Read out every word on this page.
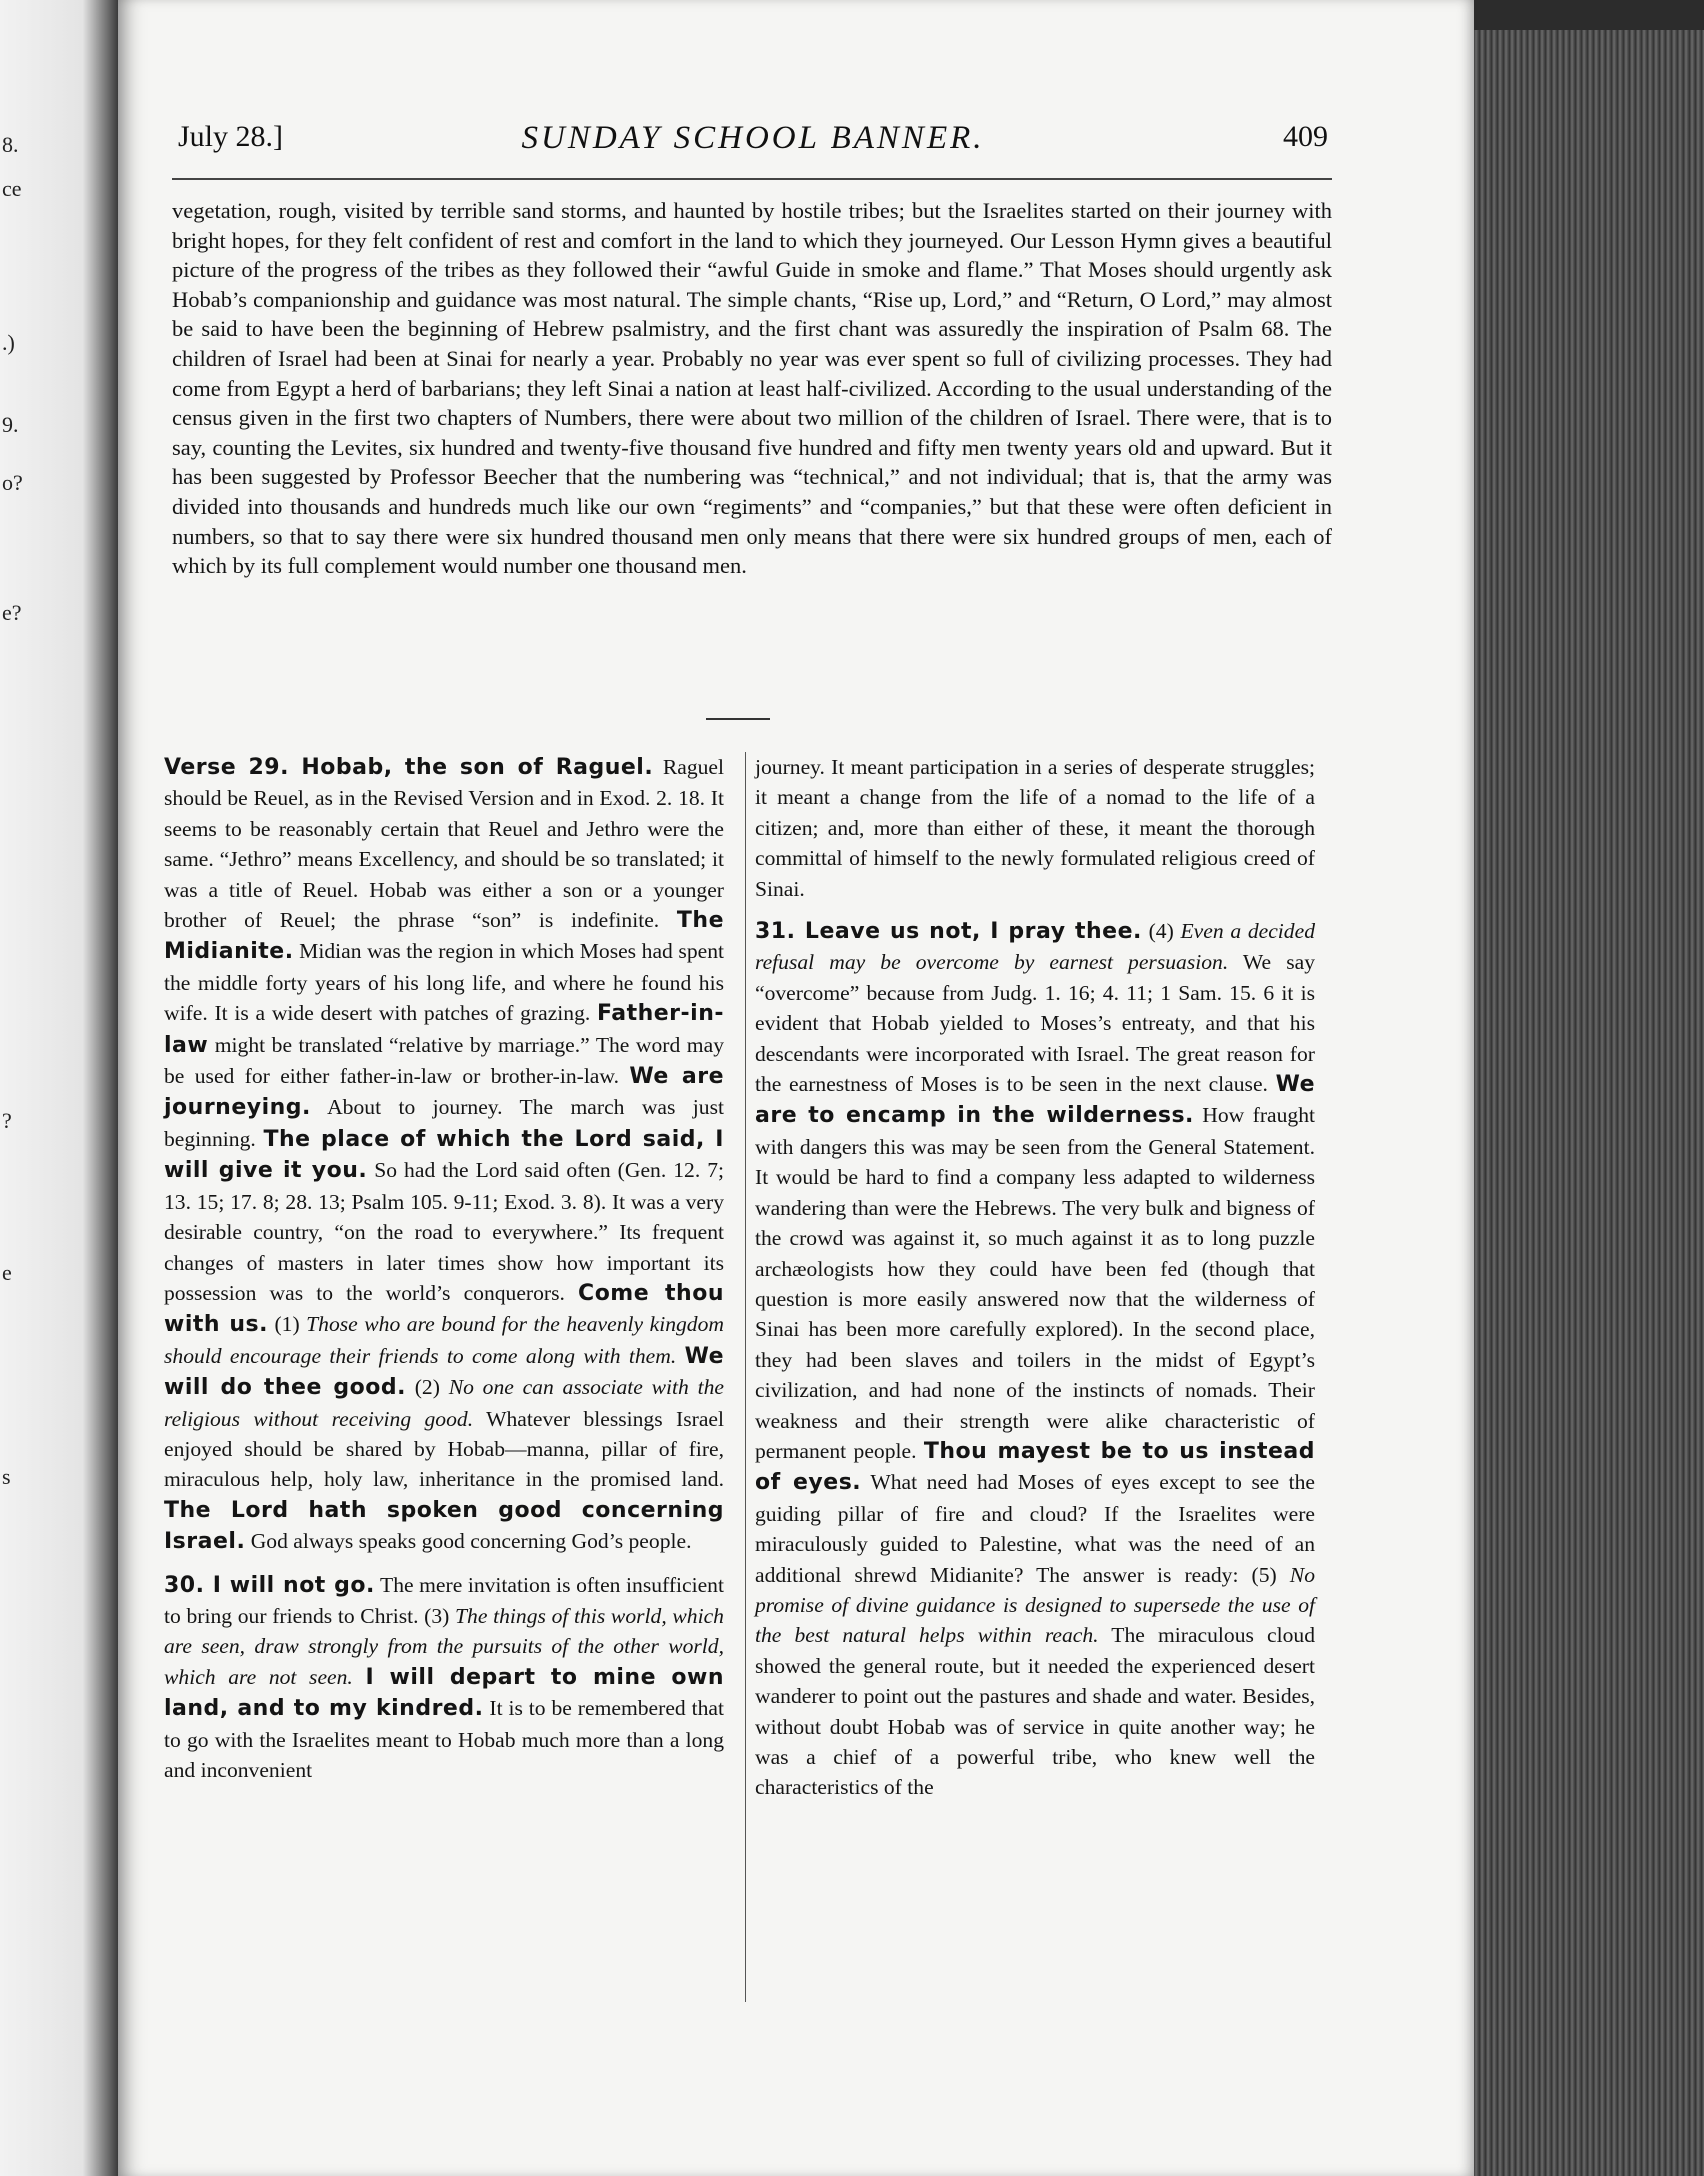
8.
ce
.)
9.
o?
e?
?
e
s
July 28.]	SUNDAY SCHOOL BANNER.	409
vegetation, rough, visited by terrible sand storms, and haunted by hostile tribes; but the Israelites started on their journey with bright hopes, for they felt confident of rest and comfort in the land to which they journeyed. Our Lesson Hymn gives a beautiful picture of the progress of the tribes as they followed their “awful Guide in smoke and flame.” That Moses should urgently ask Hobab’s companionship and guidance was most natural. The simple chants, “Rise up, Lord,” and “Return, O Lord,” may almost be said to have been the beginning of Hebrew psalmistry, and the first chant was assuredly the inspiration of Psalm 68. The children of Israel had been at Sinai for nearly a year. Probably no year was ever spent so full of civilizing processes. They had come from Egypt a herd of barbarians; they left Sinai a nation at least half-civilized. According to the usual understanding of the census given in the first two chapters of Numbers, there were about two million of the children of Israel. There were, that is to say, counting the Levites, six hundred and twenty-five thousand five hundred and fifty men twenty years old and upward. But it has been suggested by Professor Beecher that the numbering was “technical,” and not individual; that is, that the army was divided into thousands and hundreds much like our own “regiments” and “companies,” but that these were often deficient in numbers, so that to say there were six hundred thousand men only means that there were six hundred groups of men, each of which by its full complement would number one thousand men.

Verse 29. Hobab, the son of Raguel. Raguel should be Reuel, as in the Revised Version and in Exod. 2. 18. It seems to be reasonably certain that Reuel and Jethro were the same. “Jethro” means Excellency, and should be so translated; it was a title of Reuel. Hobab was either a son or a younger brother of Reuel; the phrase “son” is indefinite. The Midianite. Midian was the region in which Moses had spent the middle forty years of his long life, and where he found his wife. It is a wide desert with patches of grazing. Father-in-law might be translated “relative by marriage.” The word may be used for either father-in-law or brother-in-law. We are journeying. About to journey. The march was just beginning. The place of which the Lord said, I will give it you. So had the Lord said often (Gen. 12. 7; 13. 15; 17. 8; 28. 13; Psalm 105. 9-11; Exod. 3. 8). It was a very desirable country, “on the road to everywhere.” Its frequent changes of masters in later times show how important its possession was to the world’s conquerors. Come thou with us. (1) Those who are bound for the heavenly kingdom should encourage their friends to come along with them. We will do thee good. (2) No one can associate with the religious without receiving good. Whatever blessings Israel enjoyed should be shared by Hobab—manna, pillar of fire, miraculous help, holy law, inheritance in the promised land. The Lord hath spoken good concerning Israel. God always speaks good concerning God’s people.

30. I will not go. The mere invitation is often insufficient to bring our friends to Christ. (3) The things of this world, which are seen, draw strongly from the pursuits of the other world, which are not seen. I will depart to mine own land, and to my kindred. It is to be remembered that to go with the Israelites meant to Hobab much more than a long and inconvenient

journey. It meant participation in a series of desperate struggles; it meant a change from the life of a nomad to the life of a citizen; and, more than either of these, it meant the thorough committal of himself to the newly formulated religious creed of Sinai.

31. Leave us not, I pray thee. (4) Even a decided refusal may be overcome by earnest persuasion. We say “overcome” because from Judg. 1. 16; 4. 11; 1 Sam. 15. 6 it is evident that Hobab yielded to Moses’s entreaty, and that his descendants were incorporated with Israel. The great reason for the earnestness of Moses is to be seen in the next clause. We are to encamp in the wilderness. How fraught with dangers this was may be seen from the General Statement. It would be hard to find a company less adapted to wilderness wandering than were the Hebrews. The very bulk and bigness of the crowd was against it, so much against it as to long puzzle archæologists how they could have been fed (though that question is more easily answered now that the wilderness of Sinai has been more carefully explored). In the second place, they had been slaves and toilers in the midst of Egypt’s civilization, and had none of the instincts of nomads. Their weakness and their strength were alike characteristic of permanent people. Thou mayest be to us instead of eyes. What need had Moses of eyes except to see the guiding pillar of fire and cloud? If the Israelites were miraculously guided to Palestine, what was the need of an additional shrewd Midianite? The answer is ready: (5) No promise of divine guidance is designed to supersede the use of the best natural helps within reach. The miraculous cloud showed the general route, but it needed the experienced desert wanderer to point out the pastures and shade and water. Besides, without doubt Hobab was of service in quite another way; he was a chief of a powerful tribe, who knew well the characteristics of the
